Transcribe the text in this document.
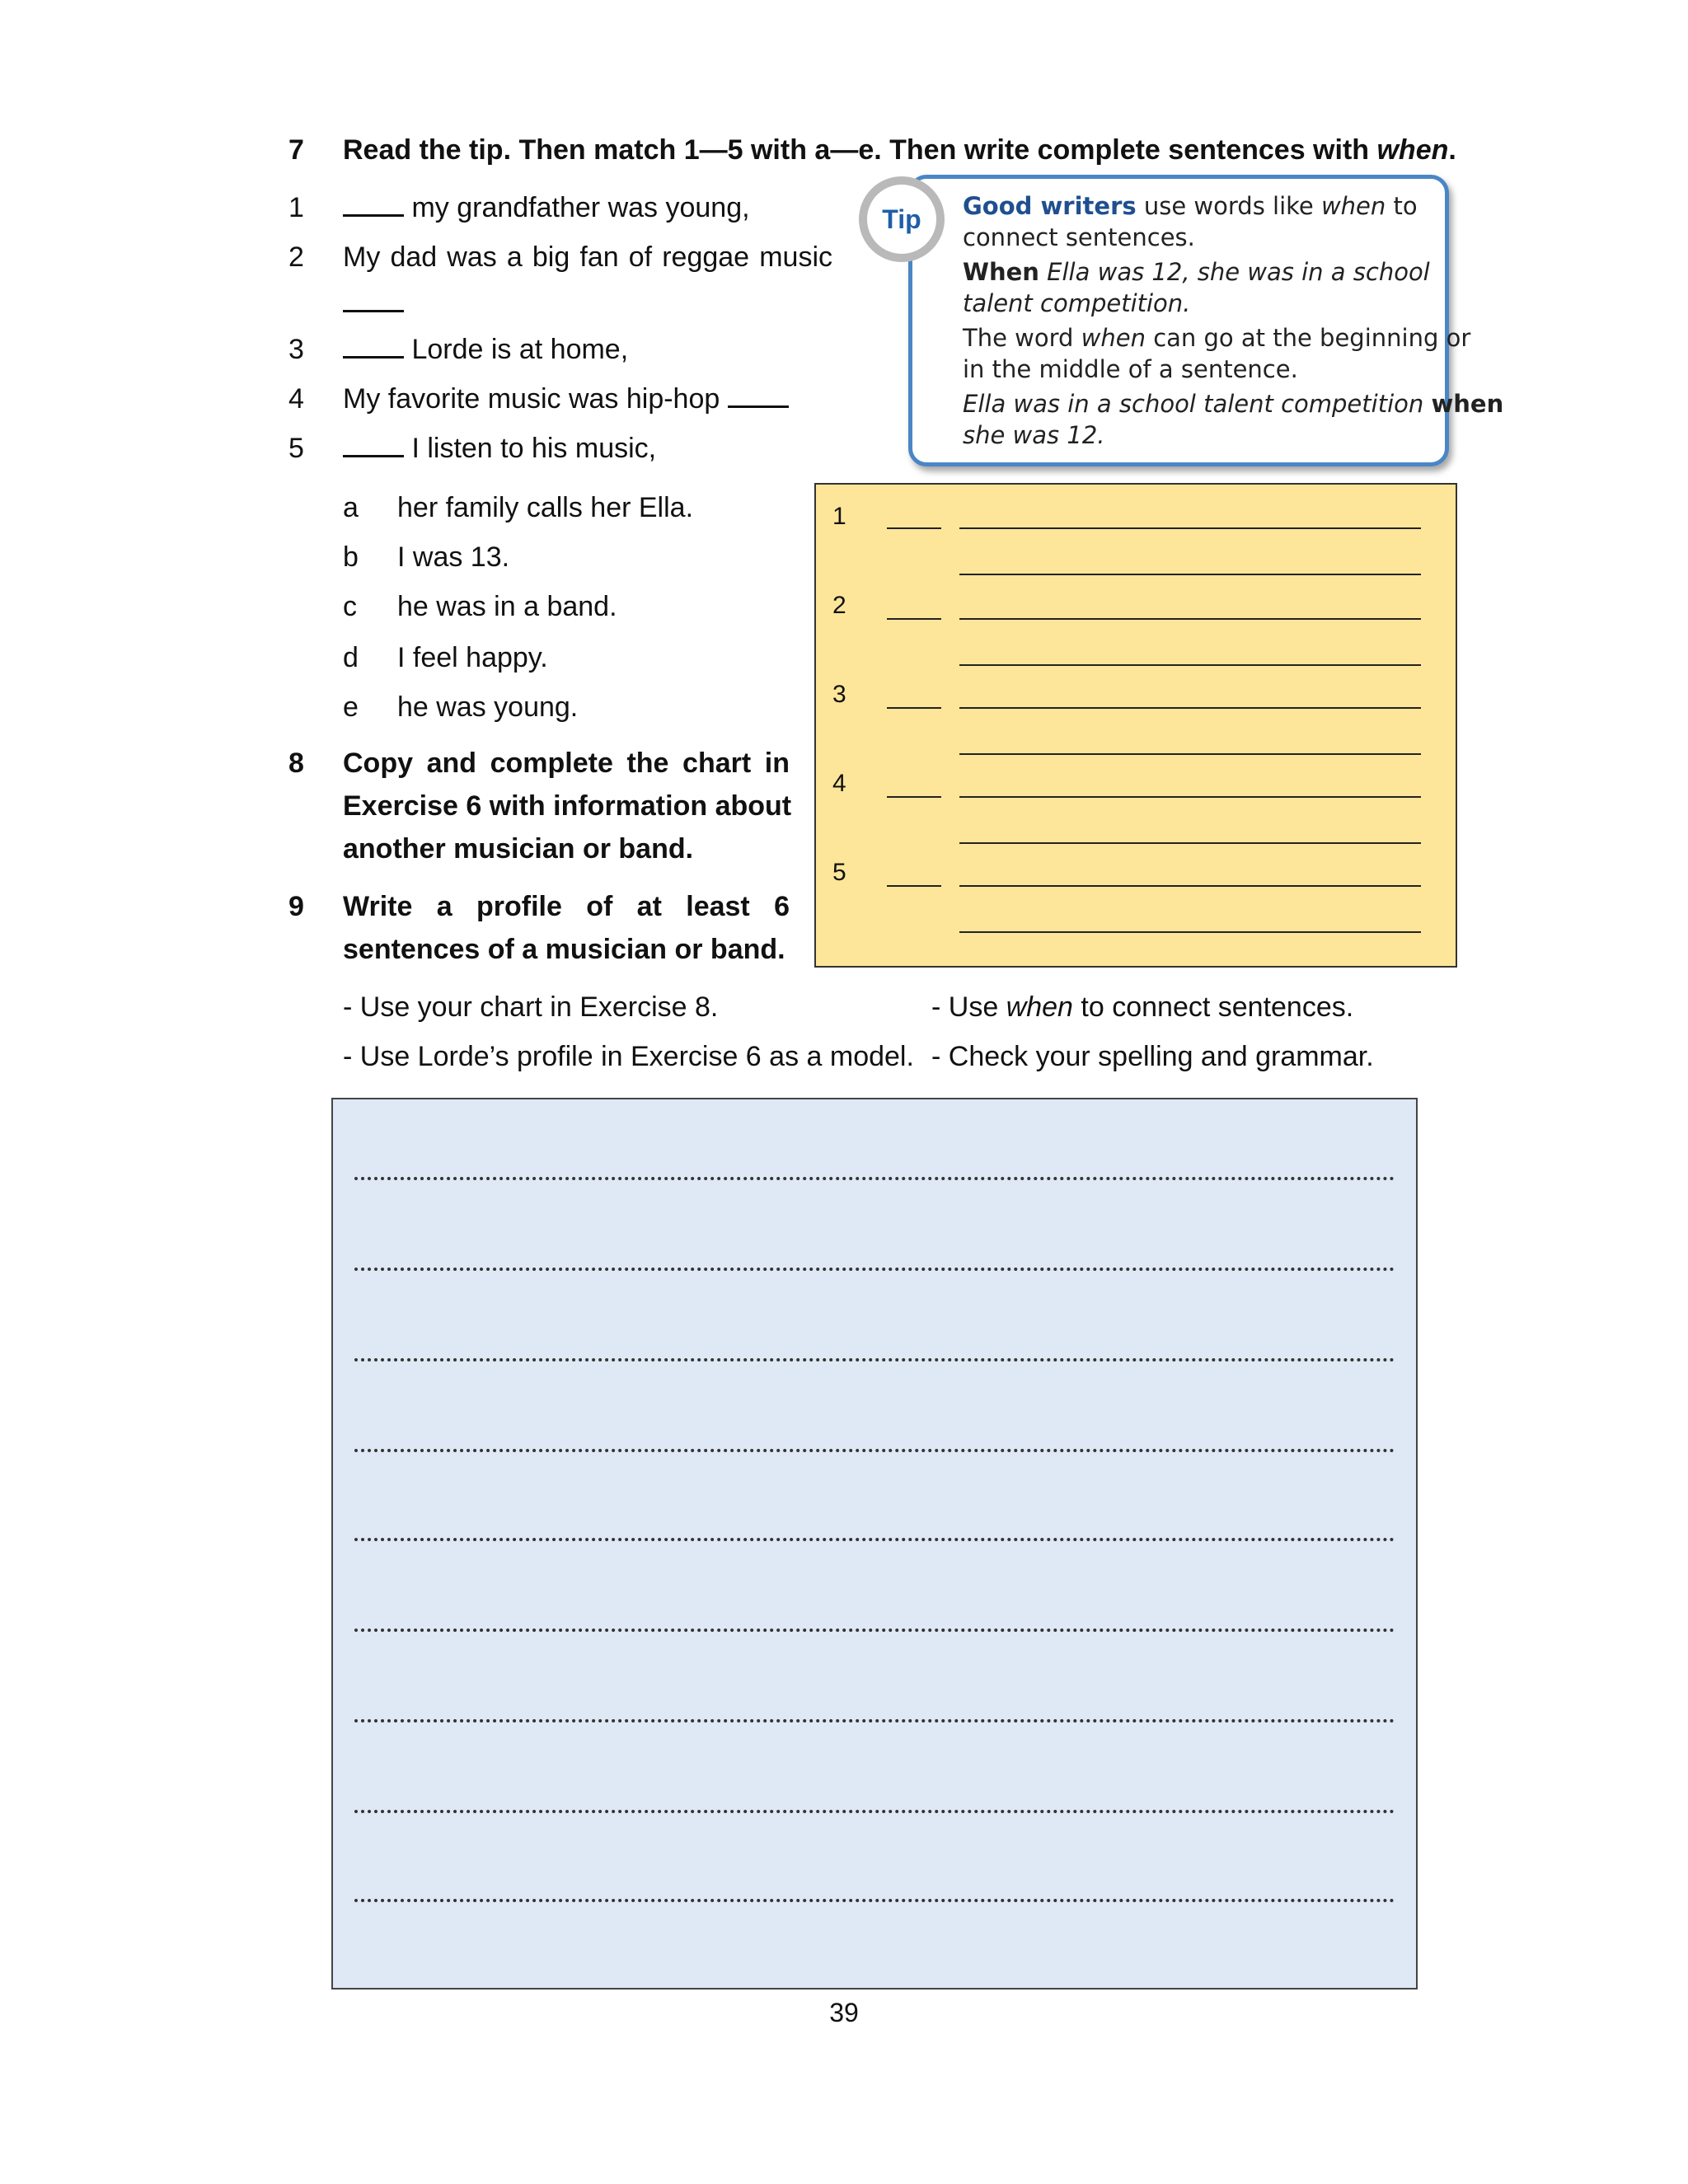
7 Read the tip. Then match 1—5 with a—e. Then write complete sentences with when.
1	my grandfather was young,
2 My dad was a big fan of reggae music
3	Lorde is at home,
4 My favorite music was hip-hop
5	I listen to his music,
a her family calls her Ella.
b I was 13.
c he was in a band.
d I feel happy.
e he was young.
Tip	Good writers use words like when to
connect sentences.
When Ella was 12, she was in a school
talent competition.
The word when can go at the beginning or
in the middle of a sentence.
Ella was in a school talent competition when
she was 12.
1
2
3
4
5
8 Copy and complete the chart in
Exercise 6 with information about
another musician or band.
9 Write a profile of at least 6
sentences of a musician or band.
- Use your chart in Exercise 8.	- Use when to connect sentences.
- Use Lorde’s profile in Exercise 6 as a model. - Check your spelling and grammar.
39
